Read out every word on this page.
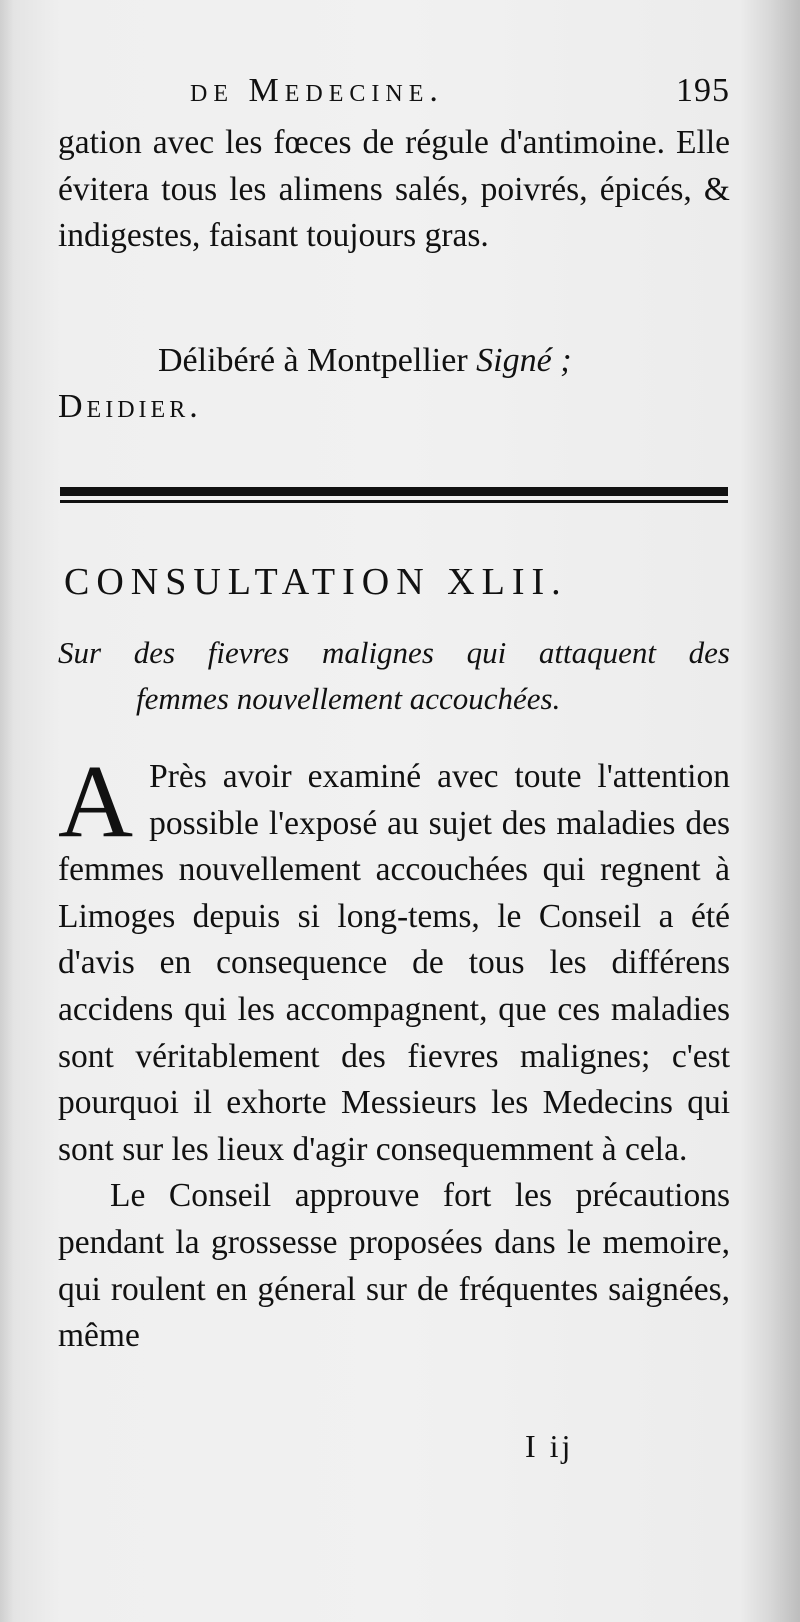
de Medecine.	195

gation avec les fœces de régule d'antimoine. Elle évitera tous les alimens salés, poivrés, épicés, & indigestes, faisant toujours gras.

Délibéré à Montpellier Signé ;
Deidier.
CONSULTATION XLII.
Sur des fievres malignes qui attaquent des
femmes nouvellement accouchées.

A Près avoir examiné avec toute l'attention possible l'exposé au sujet des maladies des femmes nouvellement accouchées qui regnent à Limoges depuis si long-tems, le Conseil a été d'avis en consequence de tous les différens accidens qui les accompagnent, que ces maladies sont véritablement des fievres malignes; c'est pourquoi il exhorte Messieurs les Medecins qui sont sur les lieux d'agir consequemment à cela.

Le Conseil approuve fort les précautions pendant la grossesse proposées dans le memoire, qui roulent en géneral sur de fréquentes saignées, même

I ij
